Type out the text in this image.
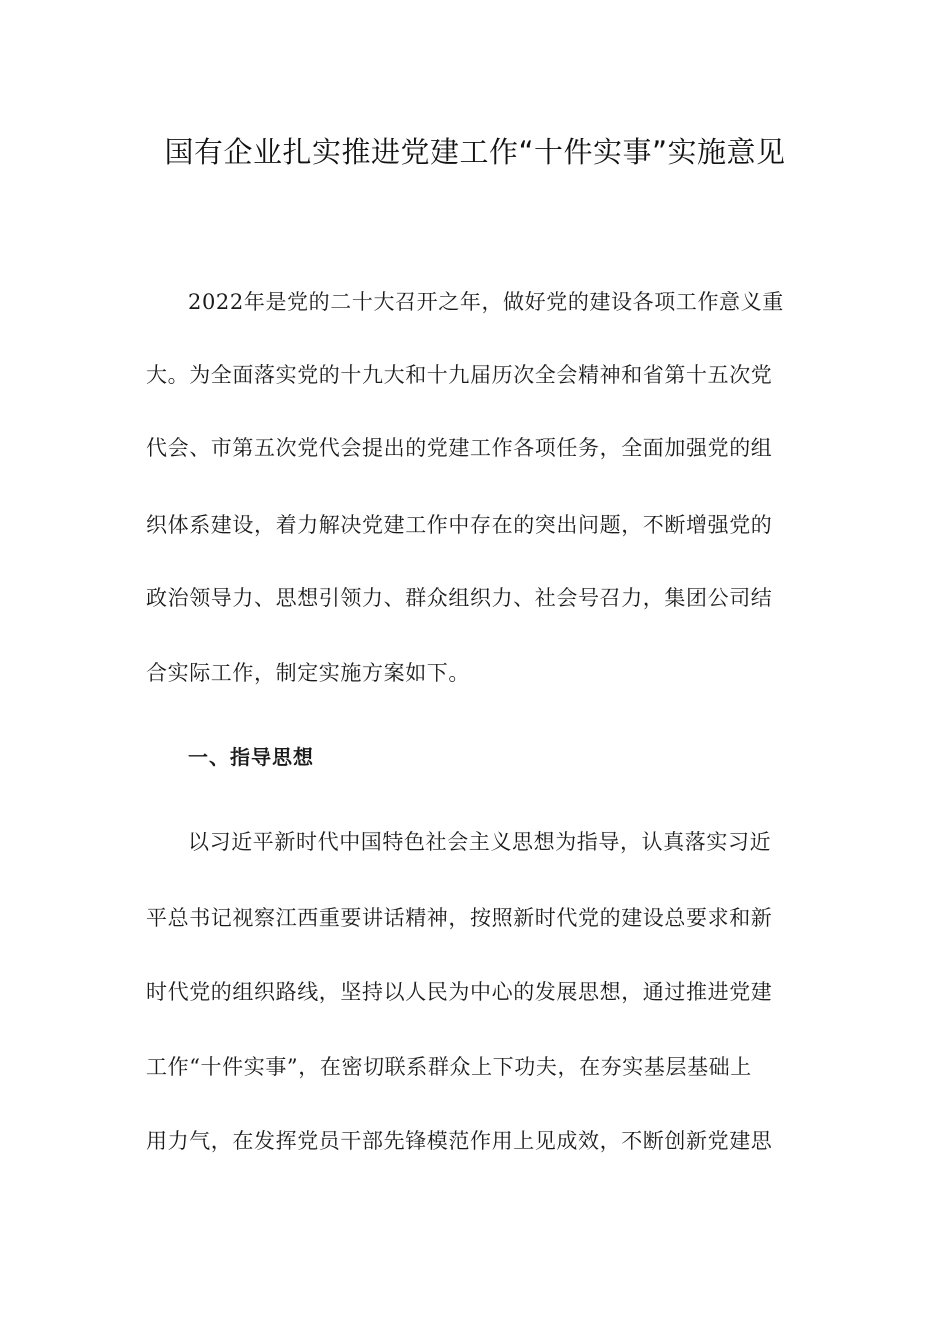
国有企业扎实推进党建工作“十件实事”实施意见
2022年是党的二十大召开之年，做好党的建设各项工作意义重
大。为全面落实党的十九大和十九届历次全会精神和省第十五次党
代会、市第五次党代会提出的党建工作各项任务，全面加强党的组
织体系建设，着力解决党建工作中存在的突出问题，不断增强党的
政治领导力、思想引领力、群众组织力、社会号召力，集团公司结
合实际工作，制定实施方案如下。
一、指导思想
以习近平新时代中国特色社会主义思想为指导，认真落实习近
平总书记视察江西重要讲话精神，按照新时代党的建设总要求和新
时代党的组织路线，坚持以人民为中心的发展思想，通过推进党建
工作“十件实事”，在密切联系群众上下功夫，在夯实基层基础上
用力气，在发挥党员干部先锋模范作用上见成效，不断创新党建思
